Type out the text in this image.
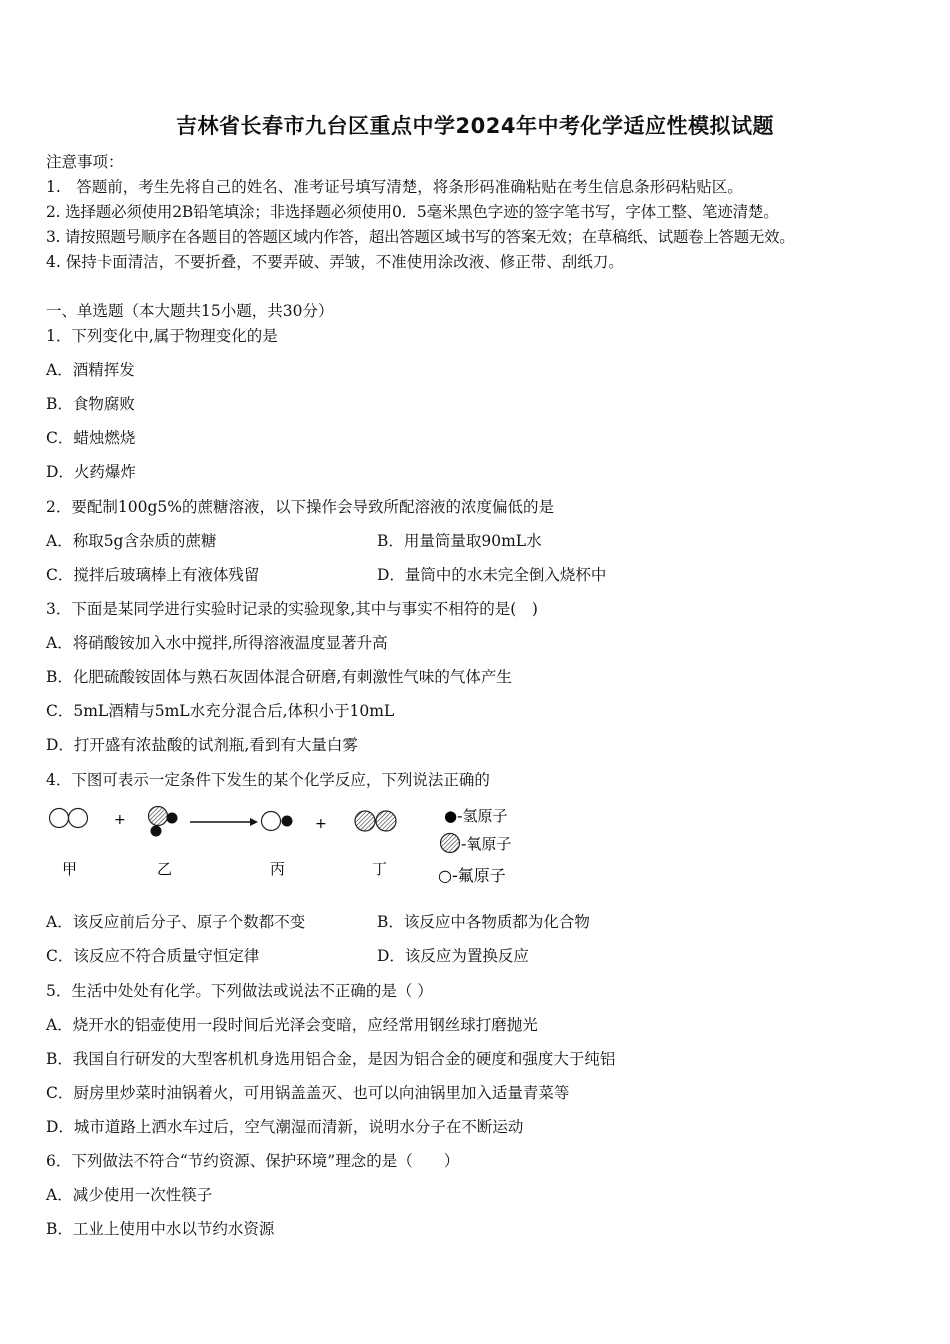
吉林省长春市九台区重点中学2024年中考化学适应性模拟试题
注意事项：
1.　答题前，考生先将自己的姓名、准考证号填写清楚，将条形码准确粘贴在考生信息条形码粘贴区。
2. 选择题必须使用2B铅笔填涂；非选择题必须使用0．5毫米黑色字迹的签字笔书写，字体工整、笔迹清楚。
3. 请按照题号顺序在各题目的答题区域内作答，超出答题区域书写的答案无效；在草稿纸、试题卷上答题无效。
4. 保持卡面清洁，不要折叠，不要弄破、弄皱，不准使用涂改液、修正带、刮纸刀。
一、单选题（本大题共15小题，共30分）
1．下列变化中,属于物理变化的是
A．酒精挥发
B．食物腐败
C．蜡烛燃烧
D．火药爆炸
2．要配制100g5%的蔗糖溶液，以下操作会导致所配溶液的浓度偏低的是
A．称取5g含杂质的蔗糖	B．用量筒量取90mL水
C．搅拌后玻璃棒上有液体残留	D．量筒中的水未完全倒入烧杯中
3．下面是某同学进行实验时记录的实验现象,其中与事实不相符的是(　)
A．将硝酸铵加入水中搅拌,所得溶液温度显著升高
B．化肥硫酸铵固体与熟石灰固体混合研磨,有刺激性气味的气体产生
C．5mL酒精与5mL水充分混合后,体积小于10mL
D．打开盛有浓盐酸的试剂瓶,看到有大量白雾
4．下图可表示一定条件下发生的某个化学反应，下列说法正确的
+	+
甲	乙	丙	丁
●-氢原子
-氧原子
○-氟原子
A．该反应前后分子、原子个数都不变	B．该反应中各物质都为化合物
C．该反应不符合质量守恒定律	D．该反应为置换反应
5．生活中处处有化学。下列做法或说法不正确的是（ ）
A．烧开水的铝壶使用一段时间后光泽会变暗，应经常用钢丝球打磨抛光
B．我国自行研发的大型客机机身选用铝合金，是因为铝合金的硬度和强度大于纯铝
C．厨房里炒菜时油锅着火，可用锅盖盖灭、也可以向油锅里加入适量青菜等
D．城市道路上洒水车过后，空气潮湿而清新，说明水分子在不断运动
6．下列做法不符合“节约资源、保护环境”理念的是（　　）
A．减少使用一次性筷子
B．工业上使用中水以节约水资源
